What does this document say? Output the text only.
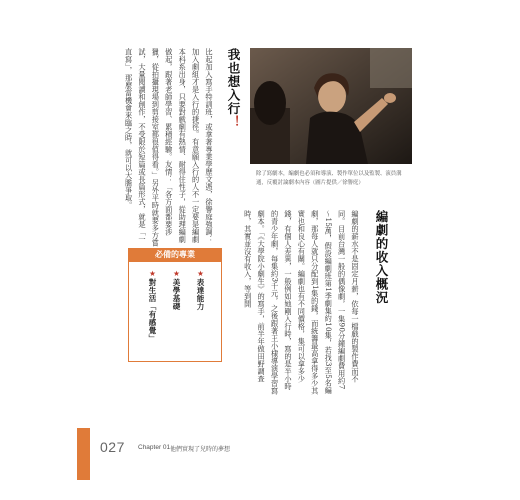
我也想入行！
比起加入寫手特訓班，或拿著專業學歷文憑，徐譽庭強調：加入劇組才是入行的捷徑。有意願入行的人不一定要是編劇本科系出身，只要對戲劇有熱情、耐得住性子，從助理編劇做起，跟著老師學習、累積經驗。友情：「各方面都要涉獵，從拍攝現場到剪接室都很值得看。」另外平時就要多方嘗試，大量閱讀和創作，不受限於短篇或長篇形式，就是「一直寫」，那麼當機會來臨之時，就可以大膽爭取。
必備的專業
★表達能力
★美學基礎
★對生活「有感覺」
除了寫劇本，編劇也必須和導演、製作單位以及監製、演員溝通，反覆討論劇本內容（圖片提供／徐譽庭）
編劇的收入概況
編劇的薪水不是固定月薪，依每一檔戲的製作費而不同。目前台灣一般的偶像劇，一集90分鐘編劇費用約7～15萬，假設編劇班第1季劇集約10集，若找3至5名編劇，那每人就只分配到1集的錢，而統籌最高拿得多少其實也和良心有關。編劇也有不同價格，集可以拿多少錢，有個人差異，一般例如她剛入行時，寫的是半小時的青少年劇，每集約3千元，之後跟著王小棣導演學習寫劇本。「《大學院小劇生》的寫手，前半年做田野調查時，其實並沒有收入，等到開
027 Chapter 01 他們實現了兒時的夢想
